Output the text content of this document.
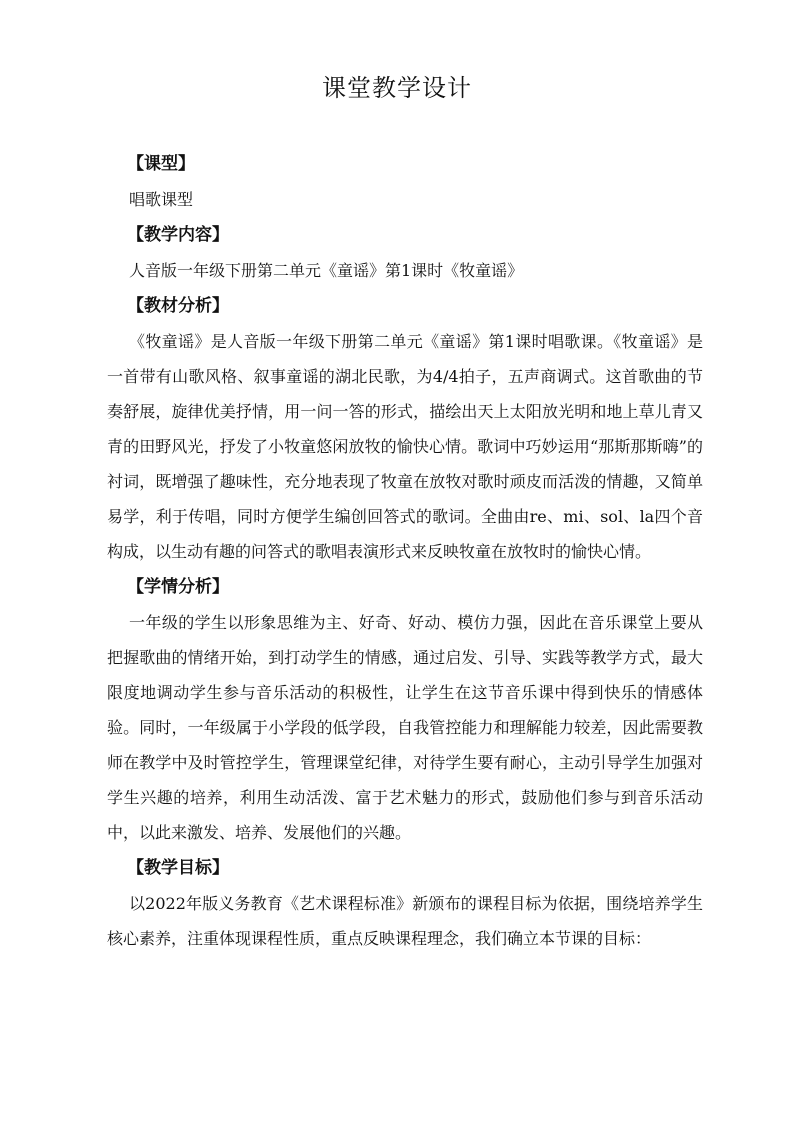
课堂教学设计
【课型】

唱歌课型

【教学内容】

人音版一年级下册第二单元《童谣》第1课时《牧童谣》

【教材分析】

《牧童谣》是人音版一年级下册第二单元《童谣》第1课时唱歌课。《牧童谣》是一首带有山歌风格、叙事童谣的湖北民歌，为4/4拍子，五声商调式。这首歌曲的节奏舒展，旋律优美抒情，用一问一答的形式，描绘出天上太阳放光明和地上草儿青又青的田野风光，抒发了小牧童悠闲放牧的愉快心情。歌词中巧妙运用“那斯那斯嗨”的衬词，既增强了趣味性，充分地表现了牧童在放牧对歌时顽皮而活泼的情趣，又简单易学，利于传唱，同时方便学生编创回答式的歌词。全曲由re、mi、sol、la四个音构成，以生动有趣的问答式的歌唱表演形式来反映牧童在放牧时的愉快心情。

【学情分析】

一年级的学生以形象思维为主、好奇、好动、模仿力强，因此在音乐课堂上要从把握歌曲的情绪开始，到打动学生的情感，通过启发、引导、实践等教学方式，最大限度地调动学生参与音乐活动的积极性，让学生在这节音乐课中得到快乐的情感体验。同时，一年级属于小学段的低学段，自我管控能力和理解能力较差，因此需要教师在教学中及时管控学生，管理课堂纪律，对待学生要有耐心，主动引导学生加强对学生兴趣的培养，利用生动活泼、富于艺术魅力的形式，鼓励他们参与到音乐活动中，以此来激发、培养、发展他们的兴趣。

【教学目标】

以2022年版义务教育《艺术课程标准》新颁布的课程目标为依据，围绕培养学生核心素养，注重体现课程性质，重点反映课程理念，我们确立本节课的目标：
